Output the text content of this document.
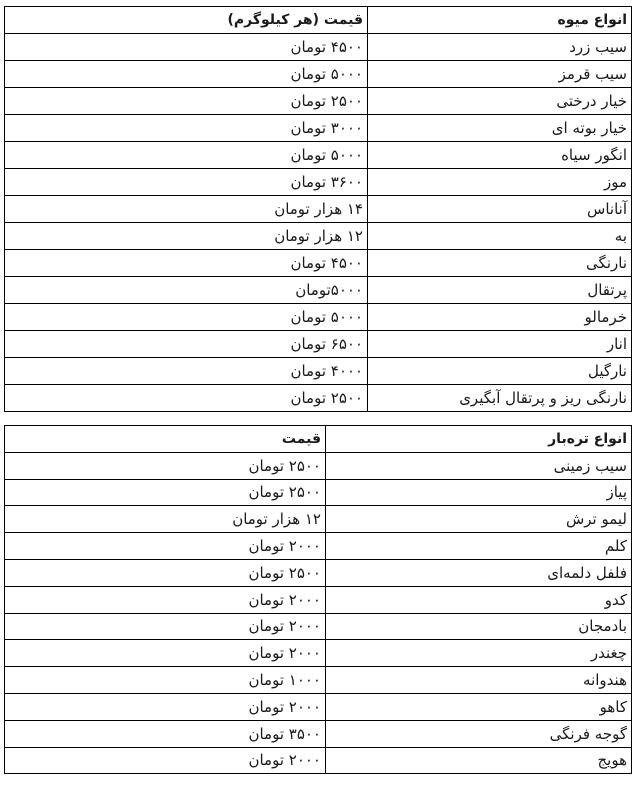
انواع میوه	قیمت (هر کیلوگرم)
سیب زرد	۴۵۰۰ تومان
سیب قرمز	۵۰۰۰ تومان
خیار درختی	۲۵۰۰ تومان
خیار بوته ای	۳۰۰۰ تومان
انگور سیاه	۵۰۰۰ تومان
موز	۳۶۰۰ تومان
آناناس	۱۴ هزار تومان
به	۱۲ هزار تومان
نارنگی	۴۵۰۰ تومان
پرتقال	۵۰۰۰تومان
خرمالو	۵۰۰۰ تومان
انار	۶۵۰۰ تومان
نارگیل	۴۰۰۰ تومان
نارنگی ریز و پرتقال آبگیری	۲۵۰۰ تومان
انواع تره‌بار	قیمت
سیب زمینی	۲۵۰۰ تومان
پیاز	۲۵۰۰ تومان
لیمو ترش	۱۲ هزار تومان
کلم	۲۰۰۰ تومان
فلفل دلمه‌ای	۲۵۰۰ تومان
کدو	۲۰۰۰ تومان
بادمجان	۲۰۰۰ تومان
چغندر	۲۰۰۰ تومان
هندوانه	۱۰۰۰ تومان
کاهو	۲۰۰۰ تومان
گوجه فرنگی	۳۵۰۰ تومان
هویج	۲۰۰۰ تومان
